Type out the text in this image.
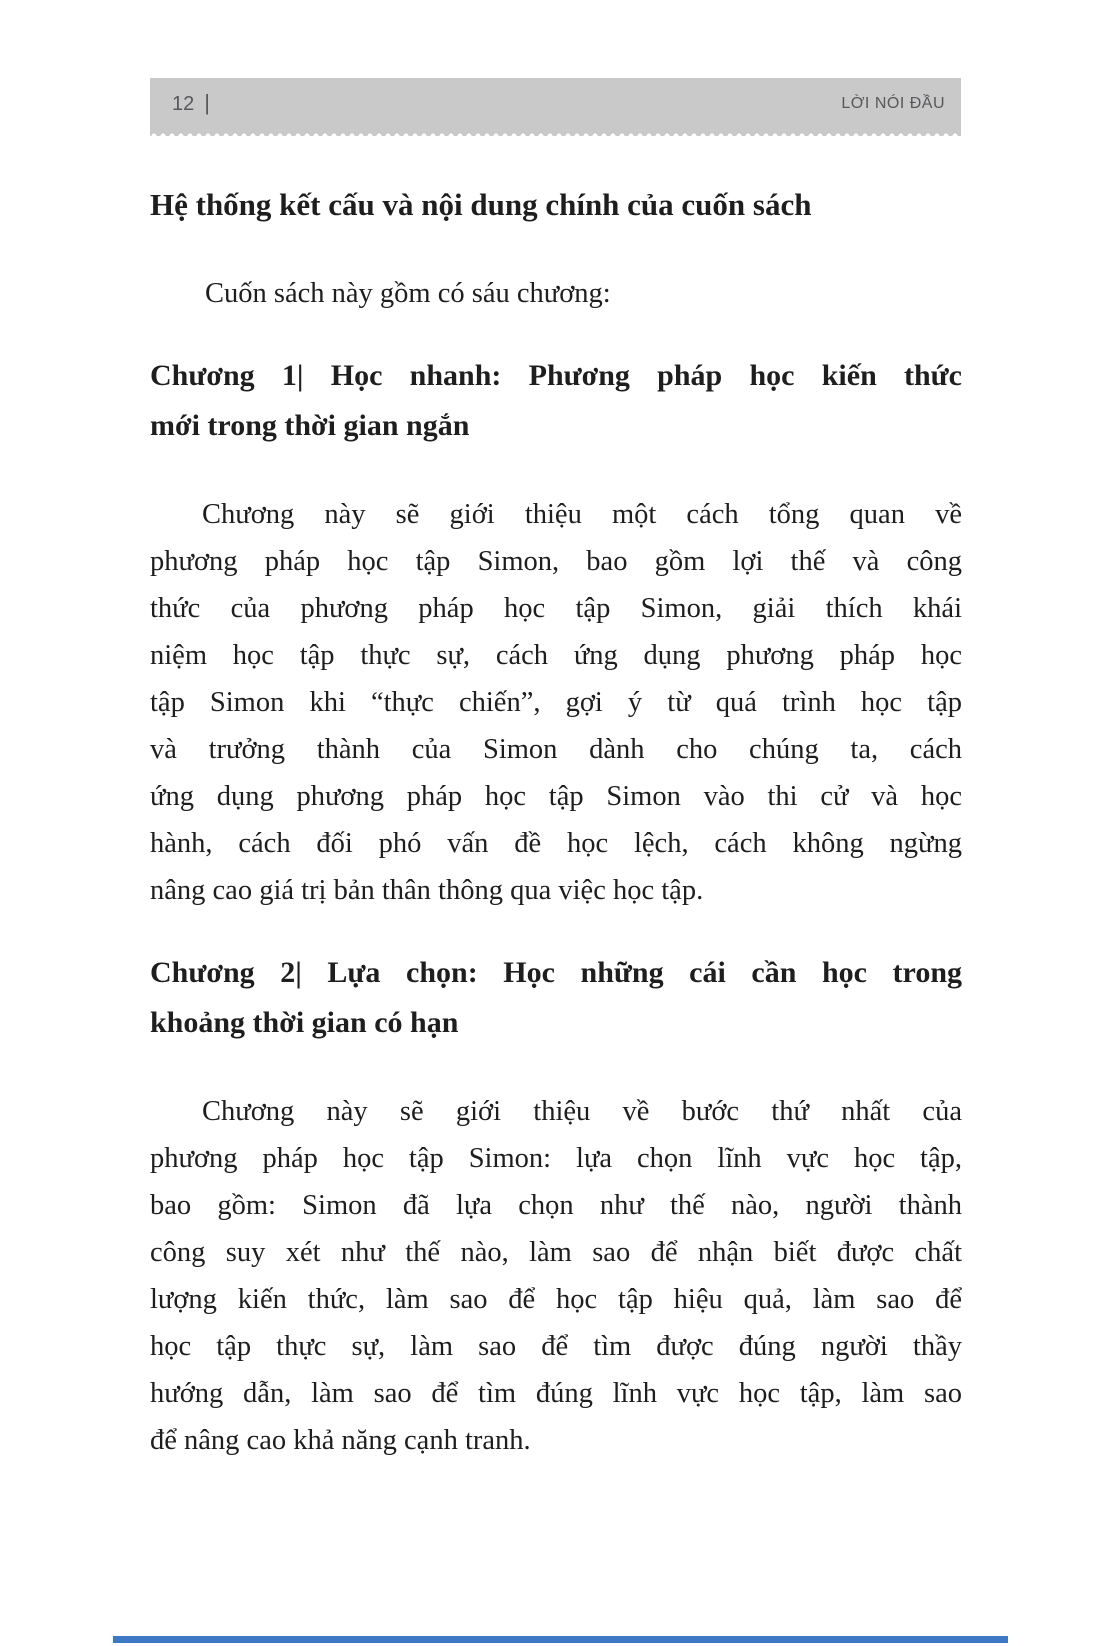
12 |	LỜI NÓI ĐẦU
Hệ thống kết cấu và nội dung chính của cuốn sách
Cuốn sách này gồm có sáu chương:
Chương 1| Học nhanh: Phương pháp học kiến thức
mới trong thời gian ngắn
Chương này sẽ giới thiệu một cách tổng quan về
phương pháp học tập Simon, bao gồm lợi thế và công
thức của phương pháp học tập Simon, giải thích khái
niệm học tập thực sự, cách ứng dụng phương pháp học
tập Simon khi “thực chiến”, gợi ý từ quá trình học tập
và trưởng thành của Simon dành cho chúng ta, cách
ứng dụng phương pháp học tập Simon vào thi cử và học
hành, cách đối phó vấn đề học lệch, cách không ngừng
nâng cao giá trị bản thân thông qua việc học tập.
Chương 2| Lựa chọn: Học những cái cần học trong
khoảng thời gian có hạn
Chương này sẽ giới thiệu về bước thứ nhất của
phương pháp học tập Simon: lựa chọn lĩnh vực học tập,
bao gồm: Simon đã lựa chọn như thế nào, người thành
công suy xét như thế nào, làm sao để nhận biết được chất
lượng kiến thức, làm sao để học tập hiệu quả, làm sao để
học tập thực sự, làm sao để tìm được đúng người thầy
hướng dẫn, làm sao để tìm đúng lĩnh vực học tập, làm sao
để nâng cao khả năng cạnh tranh.
